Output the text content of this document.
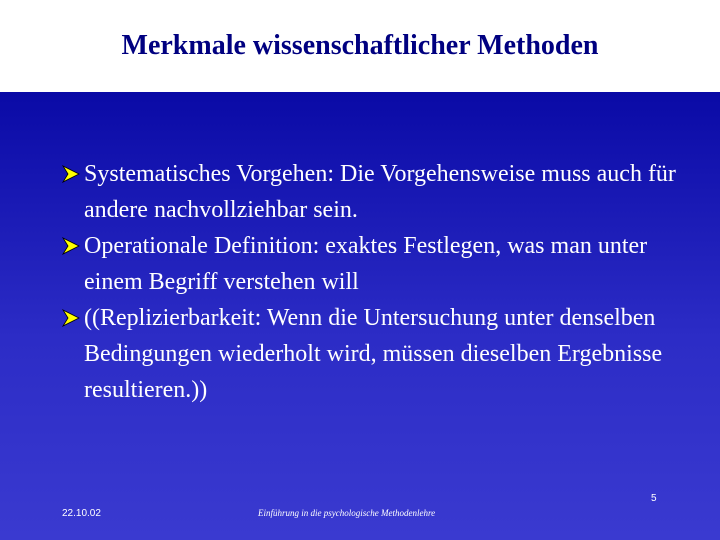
Merkmale wissenschaftlicher Methoden
Systematisches Vorgehen: Die Vorgehensweise muss auch für andere nachvollziehbar sein.
Operationale Definition: exaktes Festlegen, was man unter einem Begriff verstehen will
((Replizierbarkeit: Wenn die Untersuchung unter denselben Bedingungen wiederholt wird, müssen dieselben Ergebnisse resultieren.))
22.10.02	Einführung in die psychologische Methodenlehre
5
